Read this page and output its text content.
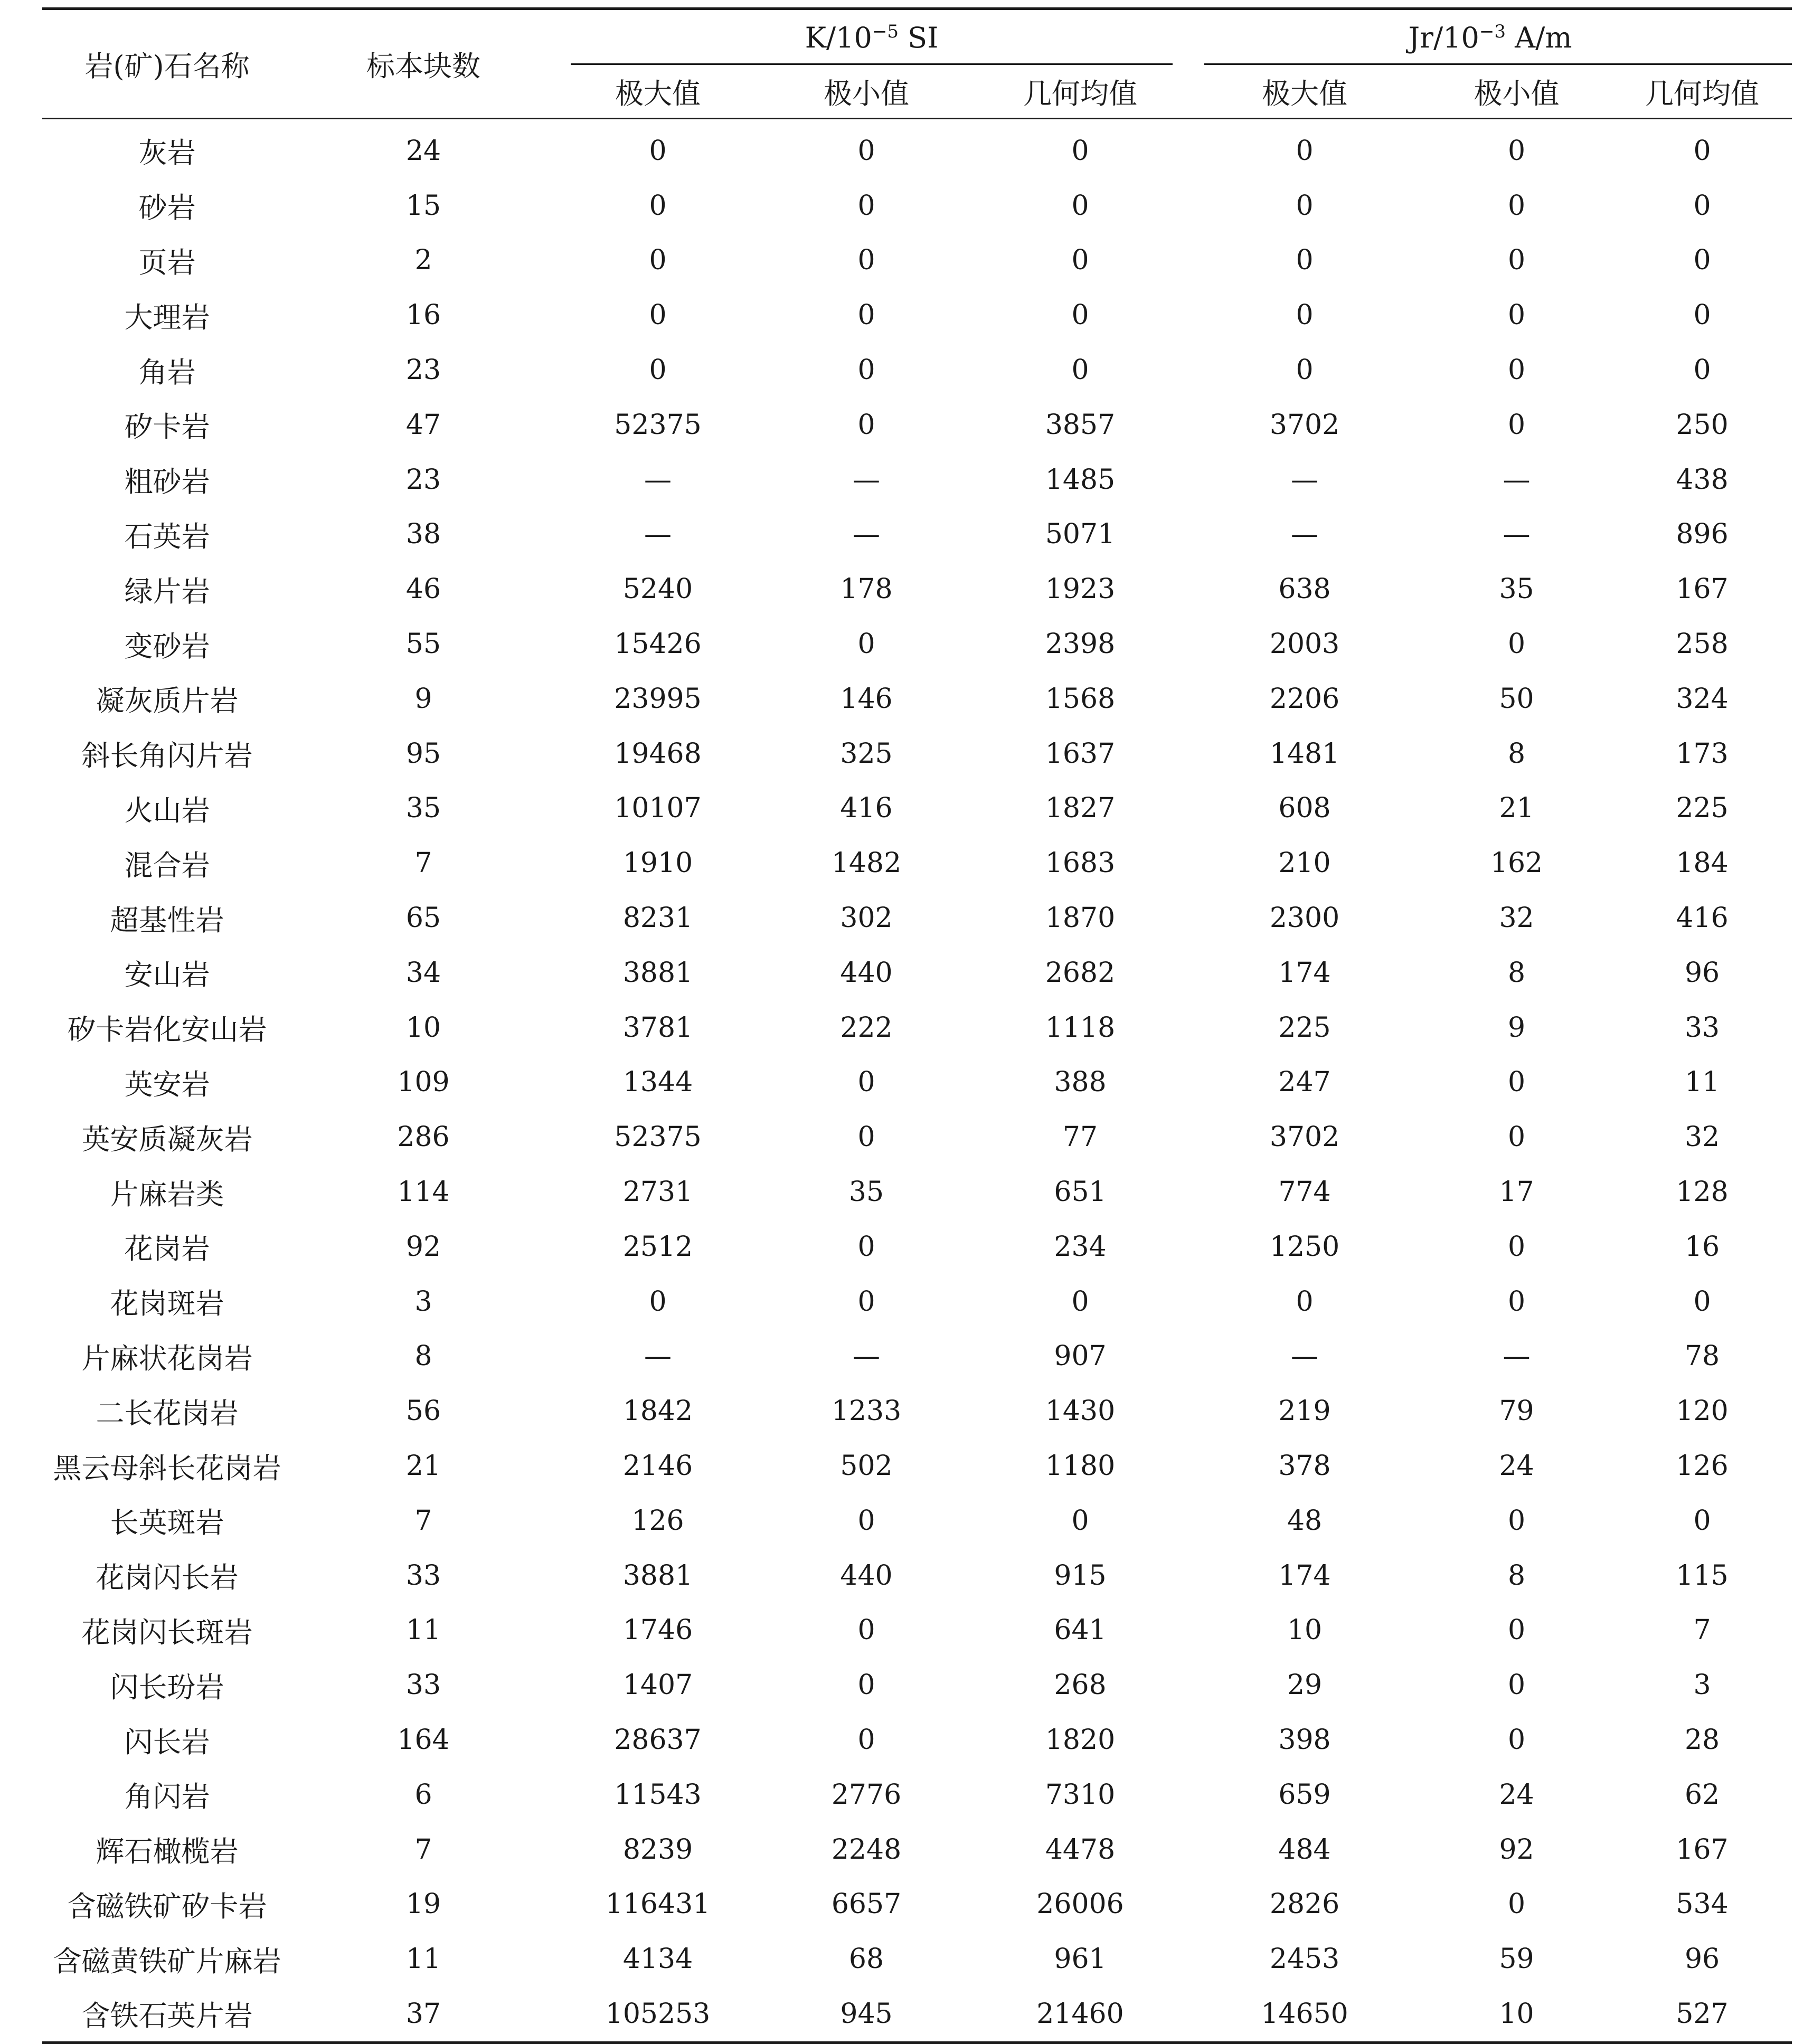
岩(矿)石名称	标本块数	$K/10^{-5}$ SI			$Jr/10^{-3}$ A/m		

		极大值	极小值	几何均值	极大值	极小值	几何均值
灰岩	24	0	0	0	0	0	0
砂岩	15	0	0	0	0	0	0
页岩	2	0	0	0	0	0	0
大理岩	16	0	0	0	0	0	0
角岩	23	0	0	0	0	0	0
矽卡岩	47	52375	0	3857	3702	0	250
粗砂岩	23	—	—	1485	—	—	438
石英岩	38	—	—	5071	—	—	896
绿片岩	46	5240	178	1923	638	35	167
变砂岩	55	15426	0	2398	2003	0	258
凝灰质片岩	9	23995	146	1568	2206	50	324
斜长角闪片岩	95	19468	325	1637	1481	8	173
火山岩	35	10107	416	1827	608	21	225
混合岩	7	1910	1482	1683	210	162	184
超基性岩	65	8231	302	1870	2300	32	416
安山岩	34	3881	440	2682	174	8	96
矽卡岩化安山岩	10	3781	222	1118	225	9	33
英安岩	109	1344	0	388	247	0	11
英安质凝灰岩	286	52375	0	77	3702	0	32
片麻岩类	114	2731	35	651	774	17	128
花岗岩	92	2512	0	234	1250	0	16
花岗斑岩	3	0	0	0	0	0	0
片麻状花岗岩	8	—	—	907	—	—	78
二长花岗岩	56	1842	1233	1430	219	79	120
黑云母斜长花岗岩	21	2146	502	1180	378	24	126
长英斑岩	7	126	0	0	48	0	0
花岗闪长岩	33	3881	440	915	174	8	115
花岗闪长斑岩	11	1746	0	641	10	0	7
闪长玢岩	33	1407	0	268	29	0	3
闪长岩	164	28637	0	1820	398	0	28
角闪岩	6	11543	2776	7310	659	24	62
辉石橄榄岩	7	8239	2248	4478	484	92	167
含磁铁矿矽卡岩	19	116431	6657	26006	2826	0	534
含磁黄铁矿片麻岩	11	4134	68	961	2453	59	96
含铁石英片岩	37	105253	945	21460	14650	10	527
